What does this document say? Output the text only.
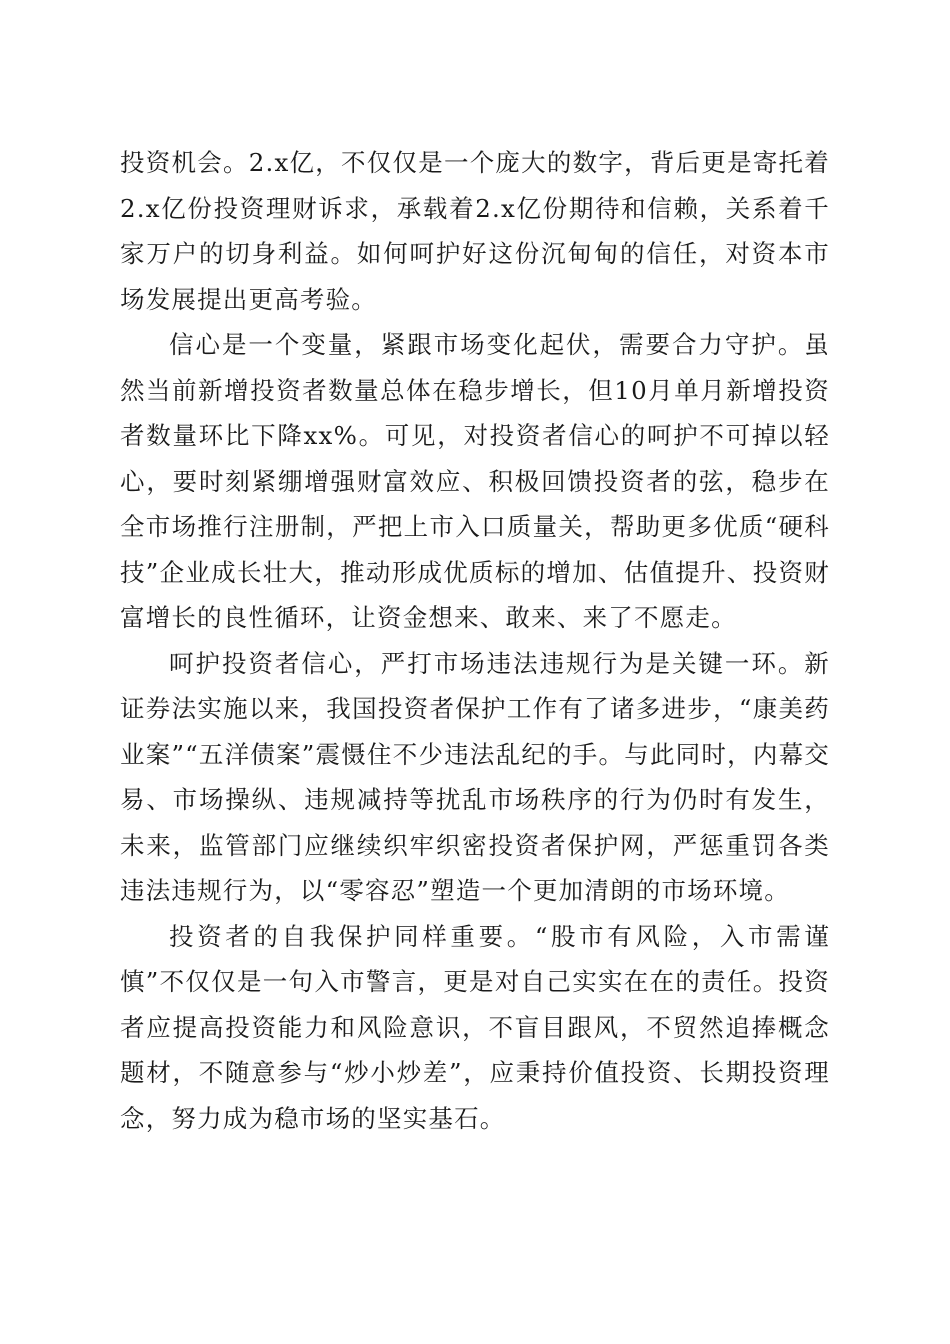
投资机会。2.x亿，不仅仅是一个庞大的数字，背后更是寄托着2.x亿份投资理财诉求，承载着2.x亿份期待和信赖，关系着千家万户的切身利益。如何呵护好这份沉甸甸的信任，对资本市场发展提出更高考验。

信心是一个变量，紧跟市场变化起伏，需要合力守护。虽然当前新增投资者数量总体在稳步增长，但10月单月新增投资者数量环比下降xx%。可见，对投资者信心的呵护不可掉以轻心，要时刻紧绷增强财富效应、积极回馈投资者的弦，稳步在全市场推行注册制，严把上市入口质量关，帮助更多优质“硬科技”企业成长壮大，推动形成优质标的增加、估值提升、投资财富增长的良性循环，让资金想来、敢来、来了不愿走。

呵护投资者信心，严打市场违法违规行为是关键一环。新证券法实施以来，我国投资者保护工作有了诸多进步，“康美药业案”“五洋债案”震慑住不少违法乱纪的手。与此同时，内幕交易、市场操纵、违规减持等扰乱市场秩序的行为仍时有发生，未来，监管部门应继续织牢织密投资者保护网，严惩重罚各类违法违规行为，以“零容忍”塑造一个更加清朗的市场环境。

投资者的自我保护同样重要。“股市有风险，入市需谨慎”不仅仅是一句入市警言，更是对自己实实在在的责任。投资者应提高投资能力和风险意识，不盲目跟风，不贸然追捧概念题材，不随意参与“炒小炒差”，应秉持价值投资、长期投资理念，努力成为稳市场的坚实基石。
